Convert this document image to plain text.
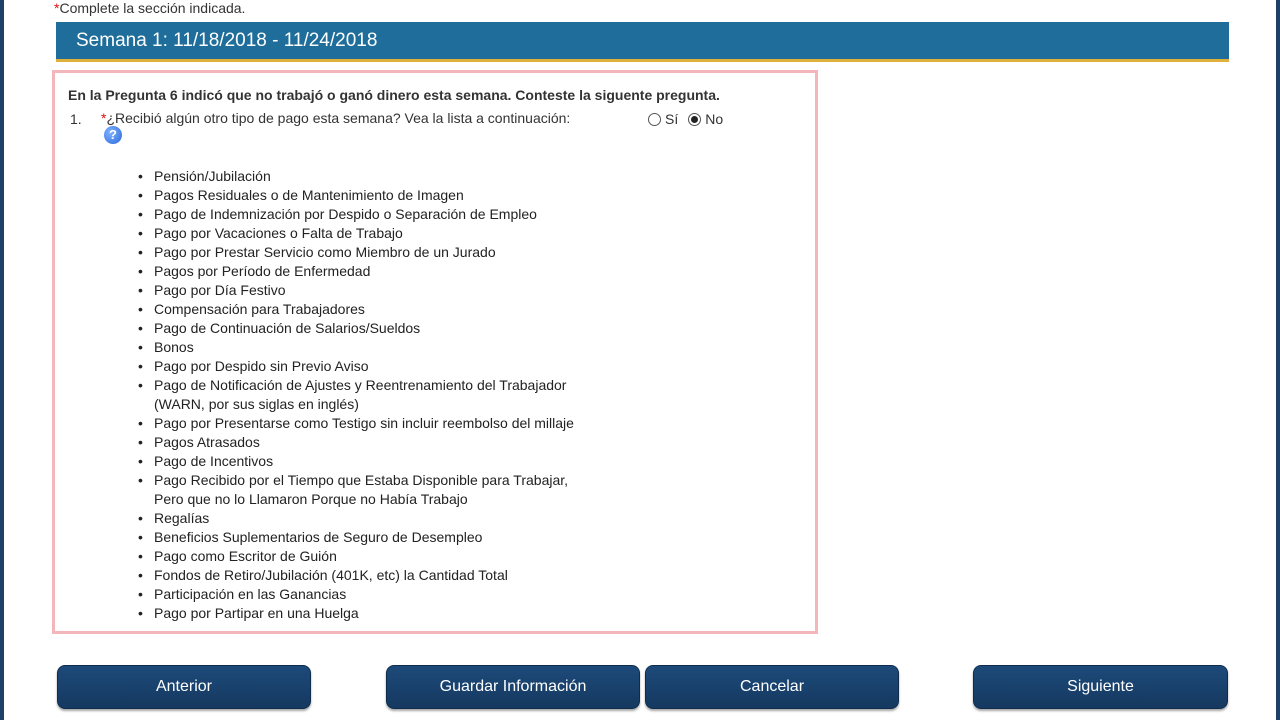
*Complete la sección indicada.
Semana 1: 11/18/2018 - 11/24/2018
En la Pregunta 6 indicó que no trabajó o ganó dinero esta semana. Conteste la siguente pregunta.
1. *¿Recibió algún otro tipo de pago esta semana? Vea la lista a continuación:
?
Sí No
• Pensión/Jubilación
• Pagos Residuales o de Mantenimiento de Imagen
• Pago de Indemnización por Despido o Separación de Empleo
• Pago por Vacaciones o Falta de Trabajo
• Pago por Prestar Servicio como Miembro de un Jurado
• Pagos por Período de Enfermedad
• Pago por Día Festivo
• Compensación para Trabajadores
• Pago de Continuación de Salarios/Sueldos
• Bonos
• Pago por Despido sin Previo Aviso
• Pago de Notificación de Ajustes y Reentrenamiento del Trabajador
(WARN, por sus siglas en inglés)
• Pago por Presentarse como Testigo sin incluir reembolso del millaje
• Pagos Atrasados
• Pago de Incentivos
• Pago Recibido por el Tiempo que Estaba Disponible para Trabajar,
Pero que no lo Llamaron Porque no Había Trabajo
• Regalías
• Beneficios Suplementarios de Seguro de Desempleo
• Pago como Escritor de Guión
• Fondos de Retiro/Jubilación (401K, etc) la Cantidad Total
• Participación en las Ganancias
• Pago por Partipar en una Huelga
Anterior	Guardar Información	Cancelar	Siguiente
